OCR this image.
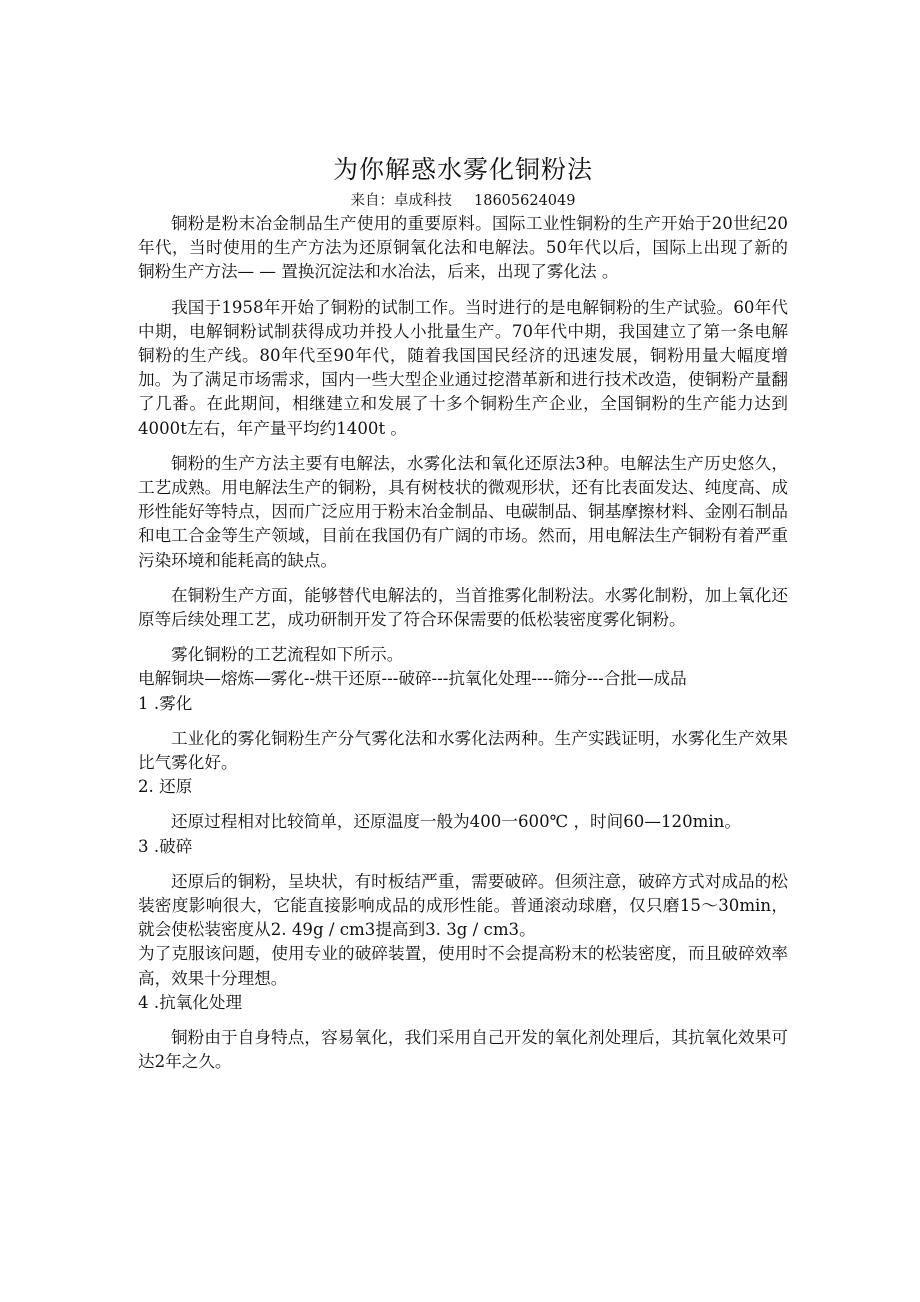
为你解惑水雾化铜粉法
来自：卓成科技 18605624049

铜粉是粉末冶金制品生产使用的重要原料。国际工业性铜粉的生产开始于20世纪20年代，当时使用的生产方法为还原铜氧化法和电解法。50年代以后，国际上出现了新的铜粉生产方法— — 置换沉淀法和水冶法，后来，出现了雾化法 。

我国于1958年开始了铜粉的试制工作。当时进行的是电解铜粉的生产试验。60年代中期，电解铜粉试制获得成功并投人小批量生产。70年代中期，我国建立了第一条电解铜粉的生产线。80年代至90年代，随着我国国民经济的迅速发展，铜粉用量大幅度增加。为了满足市场需求，国内一些大型企业通过挖潜革新和进行技术改造，使铜粉产量翻了几番。在此期间，相继建立和发展了十多个铜粉生产企业，全国铜粉的生产能力达到4000t左右，年产量平均约1400t 。

铜粉的生产方法主要有电解法，水雾化法和氧化还原法3种。电解法生产历史悠久，工艺成熟。用电解法生产的铜粉，具有树枝状的微观形状，还有比表面发达、纯度高、成形性能好等特点，因而广泛应用于粉末冶金制品、电碳制品、铜基摩擦材料、金刚石制品和电工合金等生产领域，目前在我国仍有广阔的市场。然而，用电解法生产铜粉有着严重污染环境和能耗高的缺点。

在铜粉生产方面，能够替代电解法的，当首推雾化制粉法。水雾化制粉，加上氧化还原等后续处理工艺，成功研制开发了符合环保需要的低松装密度雾化铜粉。

雾化铜粉的工艺流程如下所示。

电解铜块—熔炼—雾化--烘干还原---破碎---抗氧化处理----筛分---合批—成品

1 .雾化

工业化的雾化铜粉生产分气雾化法和水雾化法两种。生产实践证明，水雾化生产效果比气雾化好。

2. 还原

还原过程相对比较简单，还原温度一般为400一600℃ ，时间60—120min。

3 .破碎

还原后的铜粉，呈块状，有时板结严重，需要破碎。但须注意，破碎方式对成品的松装密度影响很大，它能直接影响成品的成形性能。普通滚动球磨，仅只磨15～30min，就会使松装密度从2. 49g / cm3提高到3. 3g / cm3。

为了克服该问题，使用专业的破碎装置，使用时不会提高粉末的松装密度，而且破碎效率高，效果十分理想。

4 .抗氧化处理

铜粉由于自身特点，容易氧化，我们采用自己开发的氧化剂处理后，其抗氧化效果可达2年之久。
